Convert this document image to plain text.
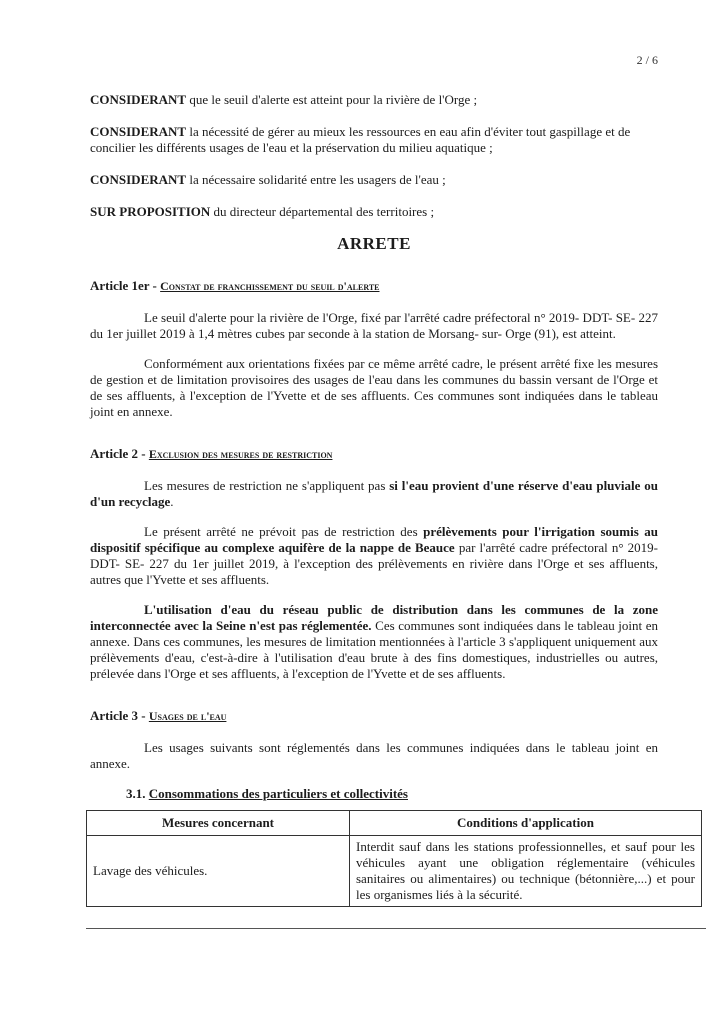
2 / 6

CONSIDERANT que le seuil d'alerte est atteint pour la rivière de l'Orge ;

CONSIDERANT la nécessité de gérer au mieux les ressources en eau afin d'éviter tout gaspillage et de concilier les différents usages de l'eau et la préservation du milieu aquatique ;

CONSIDERANT la nécessaire solidarité entre les usagers de l'eau ;

SUR PROPOSITION du directeur départemental des territoires ;

ARRETE

Article 1er - Constat de franchissement du seuil d'alerte

Le seuil d'alerte pour la rivière de l'Orge, fixé par l'arrêté cadre préfectoral n° 2019- DDT- SE- 227 du 1er juillet 2019 à 1,4 mètres cubes par seconde à la station de Morsang- sur- Orge (91), est atteint.

Conformément aux orientations fixées par ce même arrêté cadre, le présent arrêté fixe les mesures de gestion et de limitation provisoires des usages de l'eau dans les communes du bassin versant de l'Orge et de ses affluents, à l'exception de l'Yvette et de ses affluents. Ces communes sont indiquées dans le tableau joint en annexe.

Article 2 - Exclusion des mesures de restriction

Les mesures de restriction ne s'appliquent pas si l'eau provient d'une réserve d'eau pluviale ou d'un recyclage.

Le présent arrêté ne prévoit pas de restriction des prélèvements pour l'irrigation soumis au dispositif spécifique au complexe aquifère de la nappe de Beauce par l'arrêté cadre préfectoral n° 2019- DDT- SE- 227 du 1er juillet 2019, à l'exception des prélèvements en rivière dans l'Orge et ses affluents, autres que l'Yvette et ses affluents.

L'utilisation d'eau du réseau public de distribution dans les communes de la zone interconnectée avec la Seine n'est pas réglementée. Ces communes sont indiquées dans le tableau joint en annexe. Dans ces communes, les mesures de limitation mentionnées à l'article 3 s'appliquent uniquement aux prélèvements d'eau, c'est-à-dire à l'utilisation d'eau brute à des fins domestiques, industrielles ou autres, prélevée dans l'Orge et ses affluents, à l'exception de l'Yvette et de ses affluents.

Article 3 - Usages de l'eau

Les usages suivants sont réglementés dans les communes indiquées dans le tableau joint en annexe.

3.1. Consommations des particuliers et collectivités

Mesures concernant	Conditions d'application
Lavage des véhicules.	Interdit sauf dans les stations professionnelles, et sauf pour les véhicules ayant une obligation réglementaire (véhicules sanitaires ou alimentaires) ou technique (bétonnière,...) et pour les organismes liés à la sécurité.
